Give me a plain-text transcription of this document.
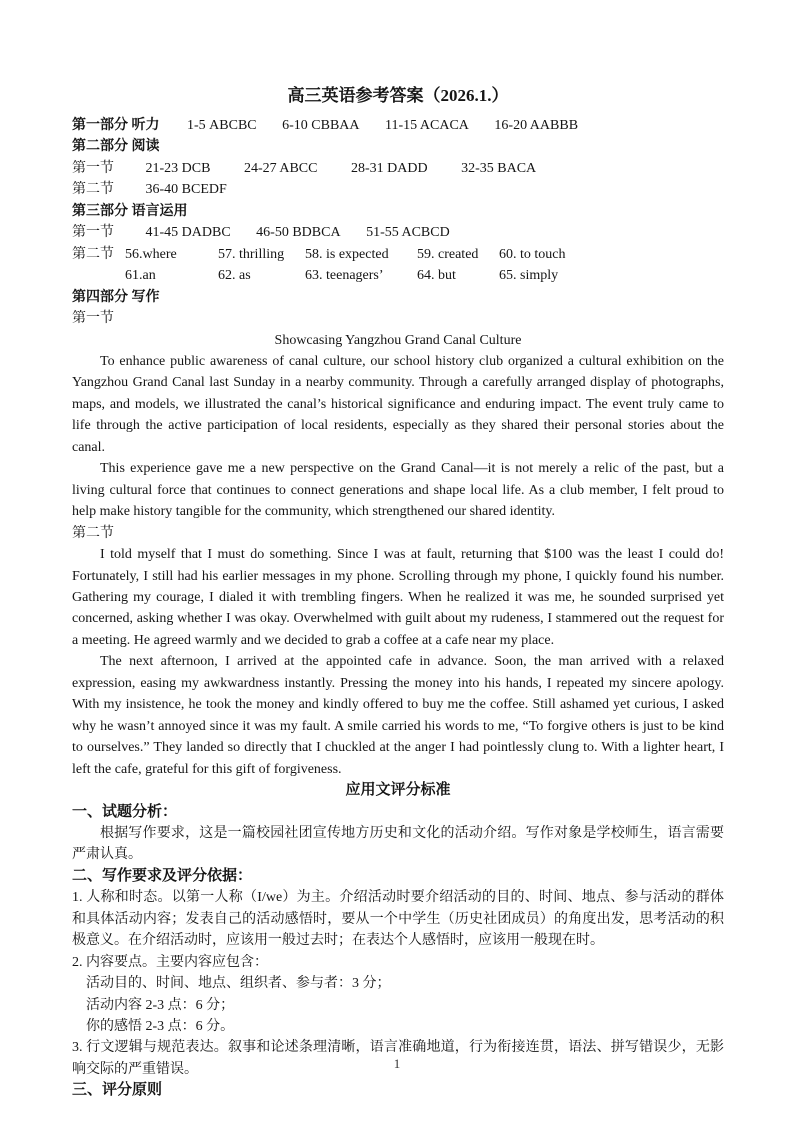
高三英语参考答案（2026.1.）
第一部分 听力 1-5 ABCBC 6-10 CBBAA 11-15 ACACA 16-20 AABBB
第二部分 阅读
第一节 21-23 DCB 24-27 ABCC 28-31 DADD 32-35 BACA
第二节 36-40 BCEDF
第三部分 语言运用
第一节 41-45 DADBC 46-50 BDBCA 51-55 ACBCD
第二节 56.where	57. thrilling	58. is expected	59. created	60. to touch
61.an	62. as	63. teenagers’	64. but	65. simply
第四部分 写作
第一节

Showcasing Yangzhou Grand Canal Culture

To enhance public awareness of canal culture, our school history club organized a cultural exhibition on the Yangzhou Grand Canal last Sunday in a nearby community. Through a carefully arranged display of photographs, maps, and models, we illustrated the canal’s historical significance and enduring impact. The event truly came to life through the active participation of local residents, especially as they shared their personal stories about the canal.

This experience gave me a new perspective on the Grand Canal—it is not merely a relic of the past, but a living cultural force that continues to connect generations and shape local life. As a club member, I felt proud to help make history tangible for the community, which strengthened our shared identity.

第二节

I told myself that I must do something. Since I was at fault, returning that $100 was the least I could do! Fortunately, I still had his earlier messages in my phone. Scrolling through my phone, I quickly found his number. Gathering my courage, I dialed it with trembling fingers. When he realized it was me, he sounded surprised yet concerned, asking whether I was okay. Overwhelmed with guilt about my rudeness, I stammered out the request for a meeting. He agreed warmly and we decided to grab a coffee at a cafe near my place.

The next afternoon, I arrived at the appointed cafe in advance. Soon, the man arrived with a relaxed expression, easing my awkwardness instantly. Pressing the money into his hands, I repeated my sincere apology. With my insistence, he took the money and kindly offered to buy me the coffee. Still ashamed yet curious, I asked why he wasn’t annoyed since it was my fault. A smile carried his words to me, “To forgive others is just to be kind to ourselves.” They landed so directly that I chuckled at the anger I had pointlessly clung to. With a lighter heart, I left the cafe, grateful for this gift of forgiveness.

应用文评分标准

一、试题分析：

根据写作要求，这是一篇校园社团宣传地方历史和文化的活动介绍。写作对象是学校师生，语言需要严肃认真。

二、写作要求及评分依据：

1. 人称和时态。以第一人称（I/we）为主。介绍活动时要介绍活动的目的、时间、地点、参与活动的群体和具体活动内容；发表自己的活动感悟时，要从一个中学生（历史社团成员）的角度出发，思考活动的积极意义。在介绍活动时，应该用一般过去时；在表达个人感悟时，应该用一般现在时。

2. 内容要点。主要内容应包含：

活动目的、时间、地点、组织者、参与者：3 分；

活动内容 2-3 点：6 分；

你的感悟 2-3 点：6 分。

3. 行文逻辑与规范表达。叙事和论述条理清晰，语言准确地道，行为衔接连贯，语法、拼写错误少，无影响交际的严重错误。

三、评分原则
1
